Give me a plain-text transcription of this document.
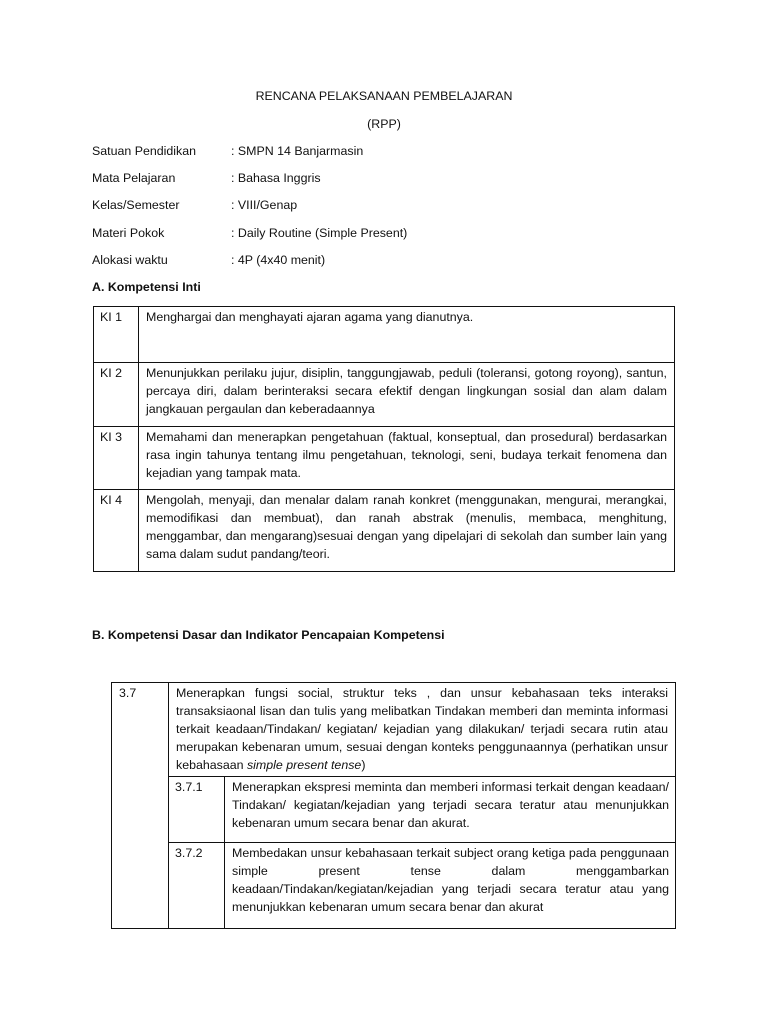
RENCANA PELAKSANAAN PEMBELAJARAN
(RPP)
Satuan Pendidikan	: SMPN 14 Banjarmasin
Mata Pelajaran	: Bahasa Inggris
Kelas/Semester	: VIII/Genap
Materi Pokok	: Daily Routine (Simple Present)
Alokasi waktu	: 4P (4x40 menit)
A. Kompetensi Inti
KI 1	Menghargai dan menghayati ajaran agama yang dianutnya.
KI 2	Menunjukkan perilaku jujur, disiplin, tanggungjawab, peduli (toleransi, gotong royong), santun, percaya diri, dalam berinteraksi secara efektif dengan lingkungan sosial dan alam dalam jangkauan pergaulan dan keberadaannya
KI 3	Memahami dan menerapkan pengetahuan (faktual, konseptual, dan prosedural) berdasarkan rasa ingin tahunya tentang ilmu pengetahuan, teknologi, seni, budaya terkait fenomena dan kejadian yang tampak mata.
KI 4	Mengolah, menyaji, dan menalar dalam ranah konkret (menggunakan, mengurai, merangkai, memodifikasi dan membuat), dan ranah abstrak (menulis, membaca, menghitung, menggambar, dan mengarang)sesuai dengan yang dipelajari di sekolah dan sumber lain yang sama dalam sudut pandang/teori.
B. Kompetensi Dasar dan Indikator Pencapaian Kompetensi
3.7	Menerapkan fungsi social, struktur teks , dan unsur kebahasaan teks interaksi transaksiaonal lisan dan tulis yang melibatkan Tindakan memberi dan meminta informasi terkait keadaan/Tindakan/ kegiatan/ kejadian yang dilakukan/ terjadi secara rutin atau merupakan kebenaran umum, sesuai dengan konteks penggunaannya (perhatikan unsur kebahasaan simple present tense)
3.7.1	Menerapkan ekspresi meminta dan memberi informasi terkait dengan keadaan/ Tindakan/ kegiatan/kejadian yang terjadi secara teratur atau menunjukkan kebenaran umum secara benar dan akurat.
3.7.2	Membedakan unsur kebahasaan terkait subject orang ketiga pada penggunaan simple present tense dalam menggambarkan keadaan/Tindakan/kegiatan/kejadian yang terjadi secara teratur atau yang menunjukkan kebenaran umum secara benar dan akurat
